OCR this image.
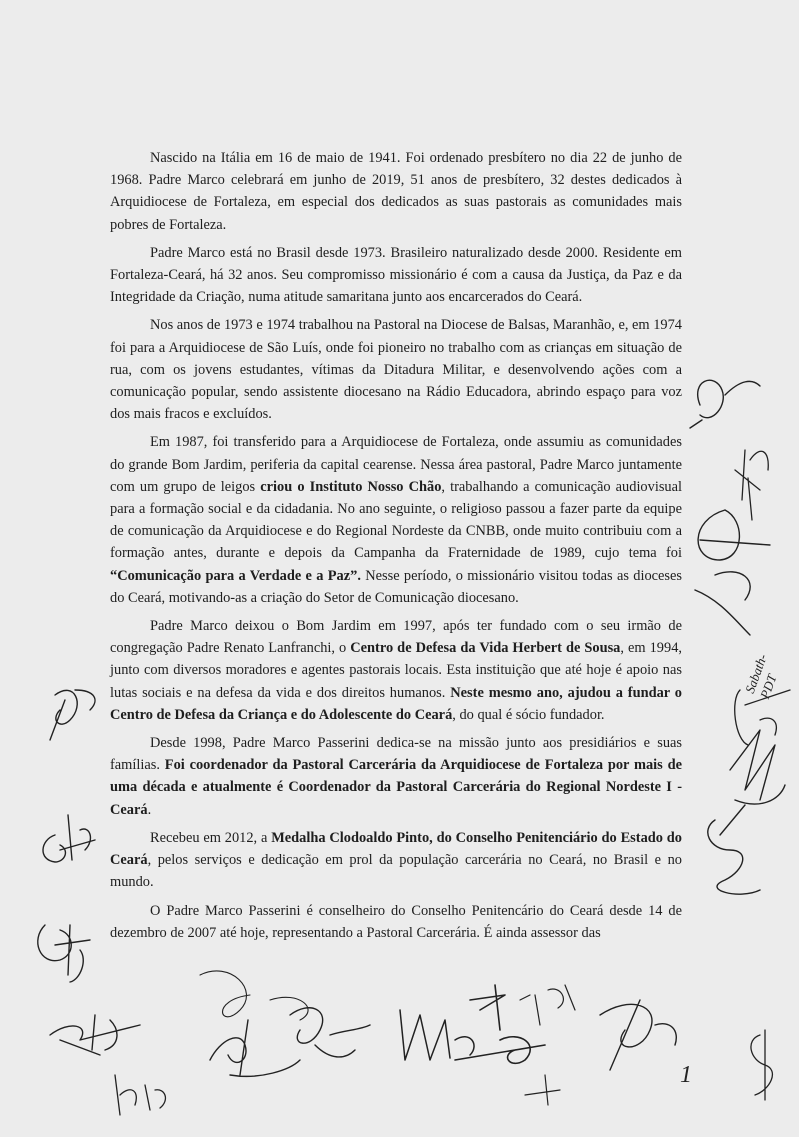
Nascido na Itália em 16 de maio de 1941. Foi ordenado presbítero no dia 22 de junho de 1968. Padre Marco celebrará em junho de 2019, 51 anos de presbítero, 32 destes dedicados à Arquidiocese de Fortaleza, em especial dos dedicados as suas pastorais as comunidades mais pobres de Fortaleza.

Padre Marco está no Brasil desde 1973. Brasileiro naturalizado desde 2000. Residente em Fortaleza-Ceará, há 32 anos. Seu compromisso missionário é com a causa da Justiça, da Paz e da Integridade da Criação, numa atitude samaritana junto aos encarcerados do Ceará.

Nos anos de 1973 e 1974 trabalhou na Pastoral na Diocese de Balsas, Maranhão, e, em 1974 foi para a Arquidiocese de São Luís, onde foi pioneiro no trabalho com as crianças em situação de rua, com os jovens estudantes, vítimas da Ditadura Militar, e desenvolvendo ações com a comunicação popular, sendo assistente diocesano na Rádio Educadora, abrindo espaço para voz dos mais fracos e excluídos.

Em 1987, foi transferido para a Arquidiocese de Fortaleza, onde assumiu as comunidades do grande Bom Jardim, periferia da capital cearense. Nessa área pastoral, Padre Marco juntamente com um grupo de leigos criou o Instituto Nosso Chão, trabalhando a comunicação audiovisual para a formação social e da cidadania. No ano seguinte, o religioso passou a fazer parte da equipe de comunicação da Arquidiocese e do Regional Nordeste da CNBB, onde muito contribuiu com a formação antes, durante e depois da Campanha da Fraternidade de 1989, cujo tema foi “Comunicação para a Verdade e a Paz”. Nesse período, o missionário visitou todas as dioceses do Ceará, motivando-as a criação do Setor de Comunicação diocesano.

Padre Marco deixou o Bom Jardim em 1997, após ter fundado com o seu irmão de congregação Padre Renato Lanfranchi, o Centro de Defesa da Vida Herbert de Sousa, em 1994, junto com diversos moradores e agentes pastorais locais. Esta instituição que até hoje é apoio nas lutas sociais e na defesa da vida e dos direitos humanos. Neste mesmo ano, ajudou a fundar o Centro de Defesa da Criança e do Adolescente do Ceará, do qual é sócio fundador.

Desde 1998, Padre Marco Passerini dedica-se na missão junto aos presidiários e suas famílias. Foi coordenador da Pastoral Carcerária da Arquidiocese de Fortaleza por mais de uma década e atualmente é Coordenador da Pastoral Carcerária do Regional Nordeste I - Ceará.

Recebeu em 2012, a Medalha Clodoaldo Pinto, do Conselho Penitenciário do Estado do Ceará, pelos serviços e dedicação em prol da população carcerária no Ceará, no Brasil e no mundo.

O Padre Marco Passerini é conselheiro do Conselho Penitencário do Ceará desde 14 de dezembro de 2007 até hoje, representando a Pastoral Carcerária. É ainda assessor das

Sabath-PDT
1
